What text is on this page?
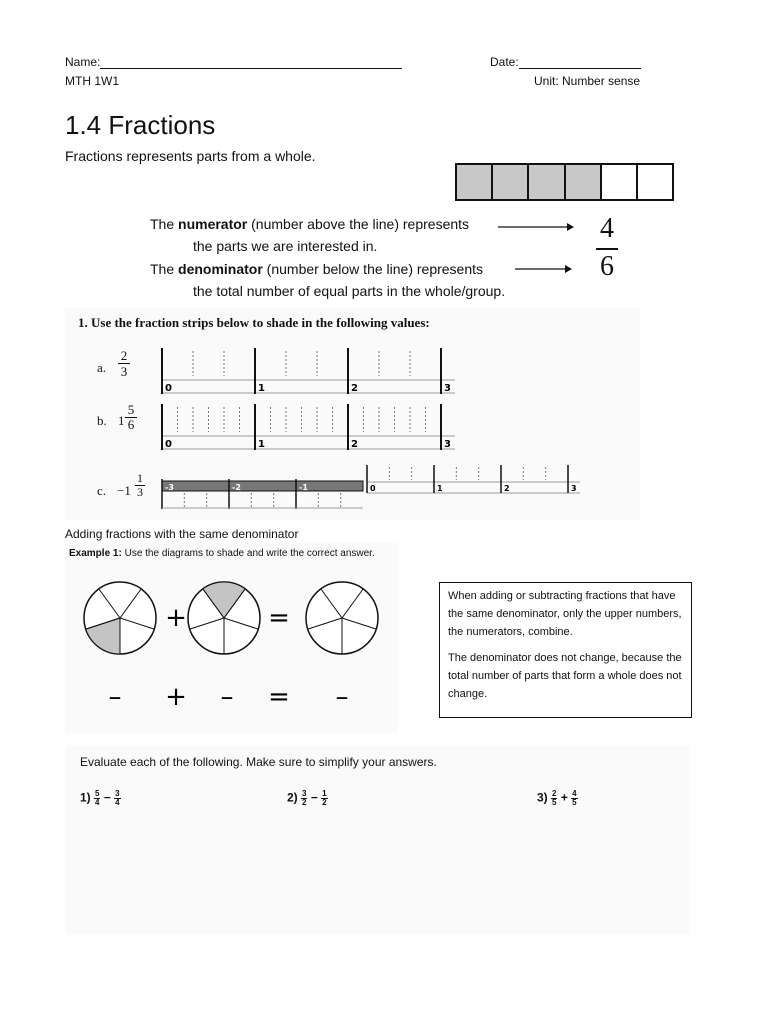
Name:	Date:
MTH 1W1	Unit: Number sense
1.4 Fractions
Fractions represents parts from a whole.
The numerator (number above the line) represents
the parts we are interested in.
The denominator (number below the line) represents
the total number of equal parts in the whole/group.
4
6
1. Use the fraction strips below to shade in the following values:
a.
2
3
b. 1
5
6
c. −1
1
3
0	1	2	3
0	1	2	3
-3	-2	-1	0	1	2	3
Adding fractions with the same denominator
Example 1: Use the diagrams to shade and write the correct answer.
+	=
– + – = –
When adding or subtracting fractions that have the same denominator, only the upper numbers, the numerators, combine.
The denominator does not change, because the total number of parts that form a whole does not change.
Evaluate each of the following. Make sure to simplify your answers.
$1) \frac{5}{4} - \frac{3}{4}$	$2) \frac{3}{2} - \frac{1}{2}$	$3) \frac{2}{5} + \frac{4}{5}$
